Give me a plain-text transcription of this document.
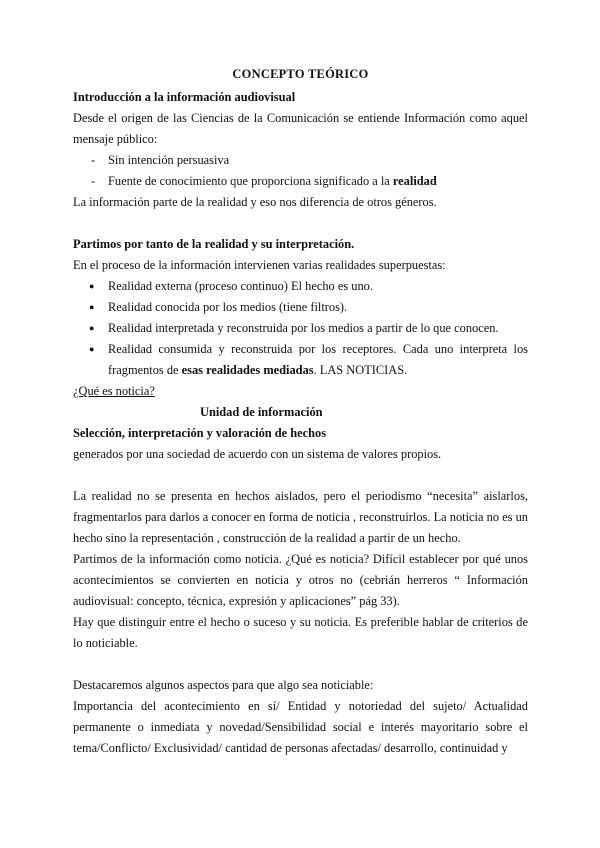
CONCEPTO TEÓRICO

Introducción a la información audiovisual

Desde el origen de las Ciencias de la Comunicación se entiende Información como aquel mensaje público:

- Sin intención persuasiva
- Fuente de conocimiento que proporciona significado a la realidad

La información parte de la realidad y eso nos diferencia de otros géneros.

Partimos por tanto de la realidad y su interpretación.

En el proceso de la información intervienen varias realidades superpuestas:

● Realidad externa (proceso continuo) El hecho es uno.
● Realidad conocida por los medios (tiene filtros).
● Realidad interpretada y reconstruida por los medios a partir de lo que conocen.
● Realidad consumida y reconstruida por los receptores. Cada uno interpreta los fragmentos de esas realidades mediadas. LAS NOTICIAS.

¿Qué es noticia?

Unidad de información

Selección, interpretación y valoración de hechos

generados por una sociedad de acuerdo con un sistema de valores propios.

La realidad no se presenta en hechos aislados, pero el periodismo “necesita” aislarlos, fragmentarlos para darlos a conocer en forma de noticia , reconstruirlos. La noticia no es un hecho sino la representación , construcción de la realidad a partir de un hecho.

Partimos de la información como noticia. ¿Qué es noticia? Difícil establecer por qué unos acontecimientos se convierten en noticia y otros no (cebrián herreros “ Información audiovisual: concepto, técnica, expresión y aplicaciones” pág 33).

Hay que distinguir entre el hecho o suceso y su noticia. Es preferible hablar de criterios de lo noticiable.

Destacaremos algunos aspectos para que algo sea noticiable:

Importancia del acontecimiento en sí/ Entidad y notoriedad del sujeto/ Actualidad permanente o inmediata y novedad/Sensibilidad social e interés mayoritario sobre el tema/Conflicto/ Exclusividad/ cantidad de personas afectadas/ desarrollo, continuidad y
